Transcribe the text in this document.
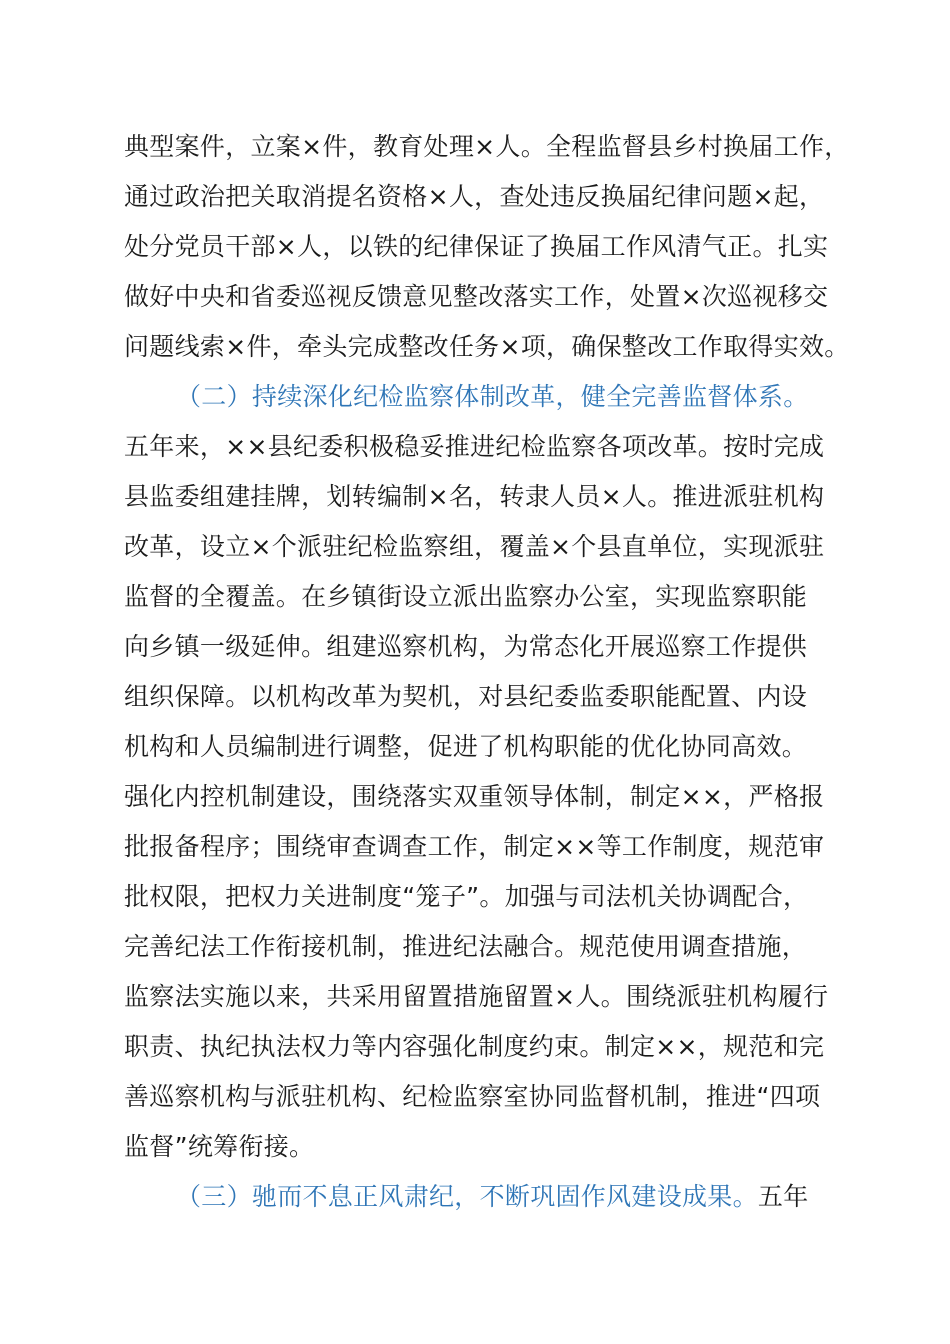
典型案件，立案×件，教育处理×人。全程监督县乡村换届工作，
通过政治把关取消提名资格×人，查处违反换届纪律问题×起，
处分党员干部×人，以铁的纪律保证了换届工作风清气正。扎实
做好中央和省委巡视反馈意见整改落实工作，处置×次巡视移交
问题线索×件，牵头完成整改任务×项，确保整改工作取得实效。
（二）持续深化纪检监察体制改革，健全完善监督体系。
五年来，××县纪委积极稳妥推进纪检监察各项改革。按时完成
县监委组建挂牌，划转编制×名，转隶人员×人。推进派驻机构
改革，设立×个派驻纪检监察组，覆盖×个县直单位，实现派驻
监督的全覆盖。在乡镇街设立派出监察办公室，实现监察职能
向乡镇一级延伸。组建巡察机构，为常态化开展巡察工作提供
组织保障。以机构改革为契机，对县纪委监委职能配置、内设
机构和人员编制进行调整，促进了机构职能的优化协同高效。
强化内控机制建设，围绕落实双重领导体制，制定××，严格报
批报备程序；围绕审查调查工作，制定××等工作制度，规范审
批权限，把权力关进制度“笼子”。加强与司法机关协调配合，
完善纪法工作衔接机制，推进纪法融合。规范使用调查措施，
监察法实施以来，共采用留置措施留置×人。围绕派驻机构履行
职责、执纪执法权力等内容强化制度约束。制定××，规范和完
善巡察机构与派驻机构、纪检监察室协同监督机制，推进“四项
监督”统筹衔接。
（三）驰而不息正风肃纪，不断巩固作风建设成果。五年
